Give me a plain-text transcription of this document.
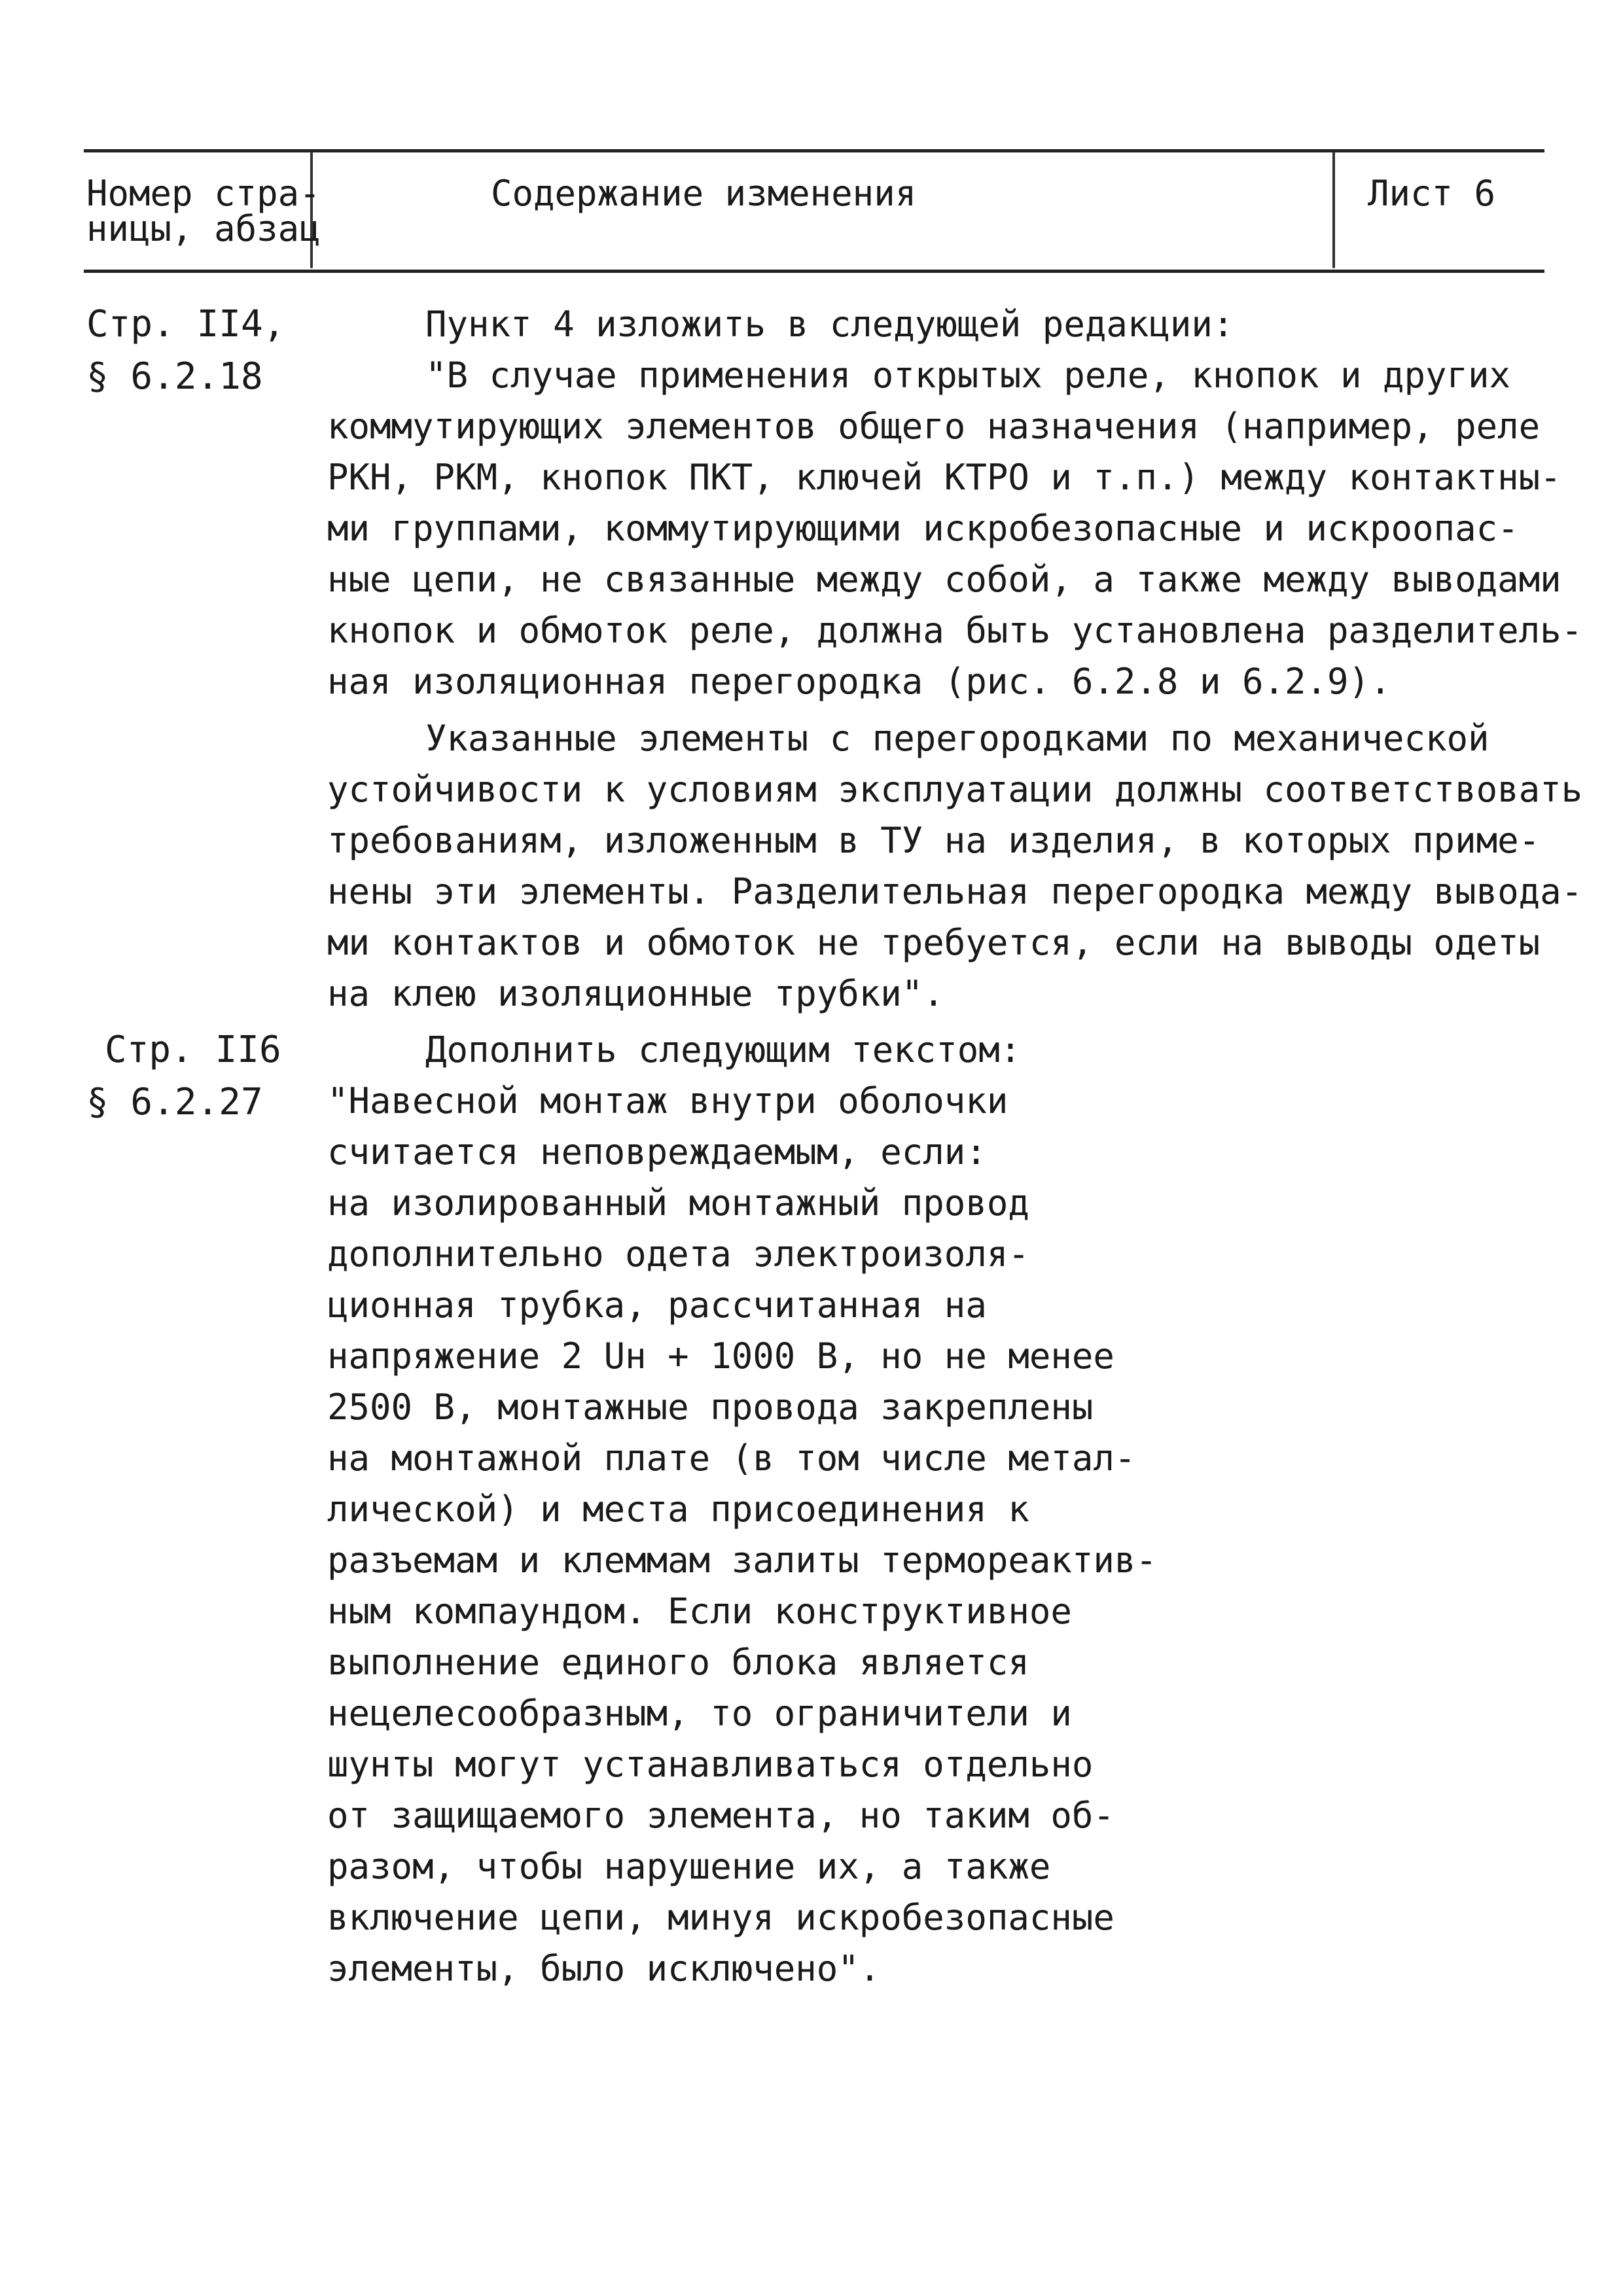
Номер стра-
ницы, абзац
Содержание изменения	Лист 6
Стр. II4,
§ 6.2.18
Пункт 4 изложить в следующей редакции:
"В случае применения открытых реле, кнопок и других
коммутирующих элементов общего назначения (например, реле
РКН, РКМ, кнопок ПКТ, ключей КТРО и т.п.) между контактны-
ми группами, коммутирующими искробезопасные и искроопас-
ные цепи, не связанные между собой, а также между выводами
кнопок и обмоток реле, должна быть установлена разделитель-
ная изоляционная перегородка (рис. 6.2.8 и 6.2.9).
Указанные элементы с перегородками по механической
устойчивости к условиям эксплуатации должны соответствовать
требованиям, изложенным в ТУ на изделия, в которых приме-
нены эти элементы. Разделительная перегородка между вывода-
ми контактов и обмоток не требуется, если на выводы одеты
на клею изоляционные трубки".
Стр. II6
§ 6.2.27
Дополнить следующим текстом:
"Навесной монтаж внутри оболочки
считается неповреждаемым, если:
на изолированный монтажный провод
дополнительно одета электроизоля-
ционная трубка, рассчитанная на
напряжение 2 Uн + 1000 В, но не менее
2500 В, монтажные провода закреплены
на монтажной плате (в том числе метал-
лической) и места присоединения к
разъемам и клеммам залиты термореактив-
ным компаундом. Если конструктивное
выполнение единого блока является
нецелесообразным, то ограничители и
шунты могут устанавливаться отдельно
от защищаемого элемента, но таким об-
разом, чтобы нарушение их, а также
включение цепи, минуя искробезопасные
элементы, было исключено".
